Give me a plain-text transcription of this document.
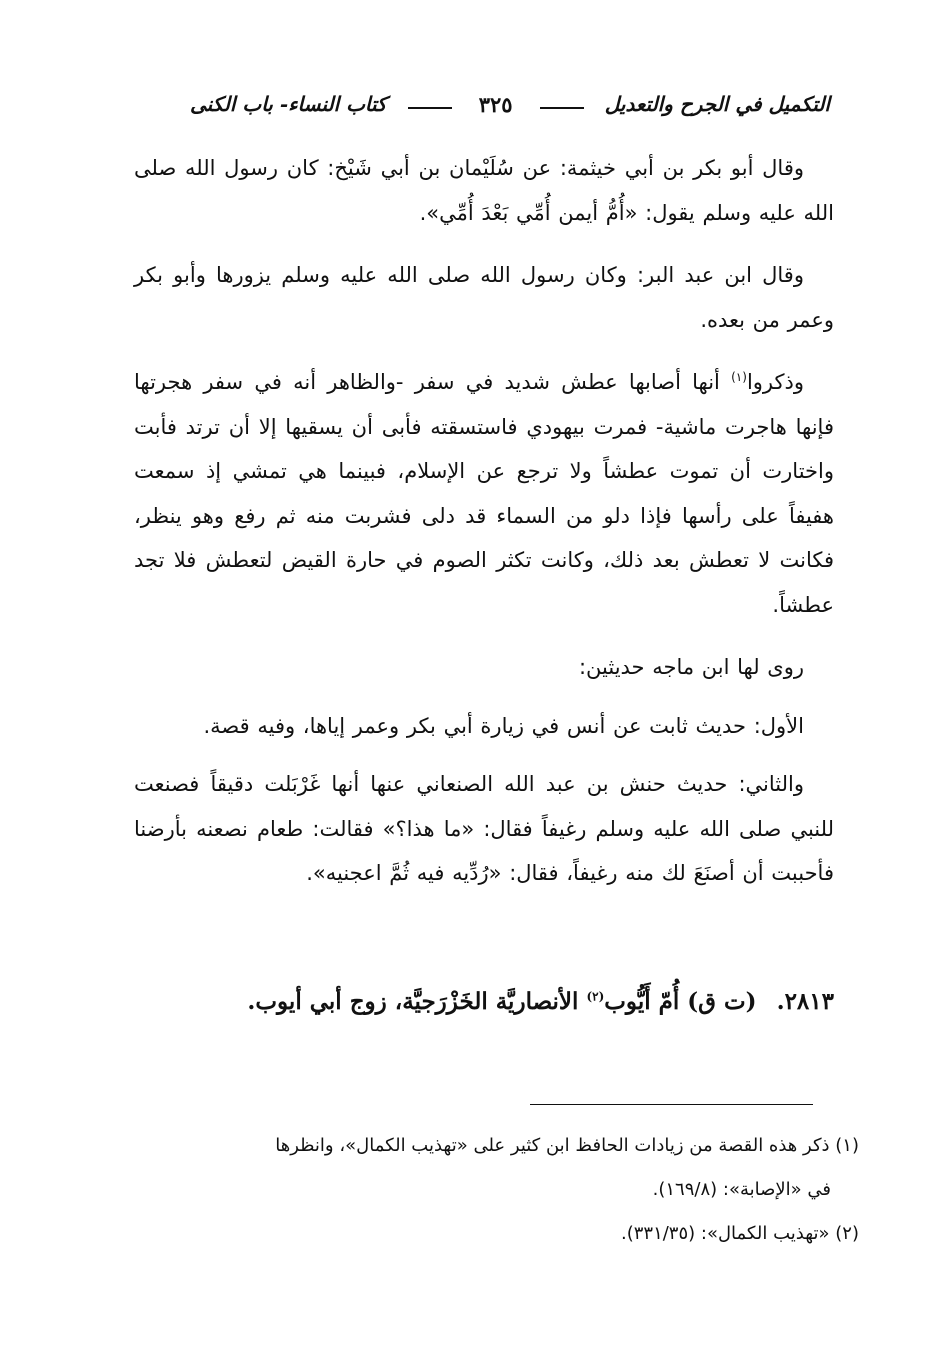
التكميل في الجرح والتعديل
٣٢٥
كتاب النساء- باب الكنى

وقال أبو بكر بن أبي خيثمة: عن سُلَيْمان بن أبي شَيْخ: كان رسول الله صلى الله عليه وسلم يقول: «أُمُّ أيمن أُمِّي بَعْدَ أُمِّي».

وقال ابن عبد البر: وكان رسول الله صلى الله عليه وسلم يزورها وأبو بكر وعمر من بعده.

وذكروا$^{(١)}$ أنها أصابها عطش شديد في سفر -والظاهر أنه في سفر هجرتها فإنها هاجرت ماشية- فمرت بيهودي فاستسقته فأبى أن يسقيها إلا أن ترتد فأبت واختارت أن تموت عطشاً ولا ترجع عن الإسلام، فبينما هي تمشي إذ سمعت هفيفاً على رأسها فإذا دلو من السماء قد دلى فشربت منه ثم رفع وهو ينظر، فكانت لا تعطش بعد ذلك، وكانت تكثر الصوم في حارة القيض لتعطش فلا تجد عطشاً.

روى لها ابن ماجه حديثين:

الأول: حديث ثابت عن أنس في زيارة أبي بكر وعمر إياها، وفيه قصة.

والثاني: حديث حنش بن عبد الله الصنعاني عنها أنها غَرْبَلت دقيقاً فصنعت للنبي صلى الله عليه وسلم رغيفاً فقال: «ما هذا؟» فقالت: طعام نصعنه بأرضنا فأحببت أن أصنَعَ لك منه رغيفاً، فقال: «رُدِّيه فيه ثُمَّ اعجنيه».

٢٨١٣. (ت ق) أُمّ أَيُّوب$^{(٢)}$ الأنصاريَّة الخَزْرَجيَّة، زوج أبي أيوب.

(١) ذكر هذه القصة من زيادات الحافظ ابن كثير على «تهذيب الكمال»، وانظرها

في «الإصابة»: (١٦٩/٨).

(٢) «تهذيب الكمال»: (٣٣١/٣٥).
